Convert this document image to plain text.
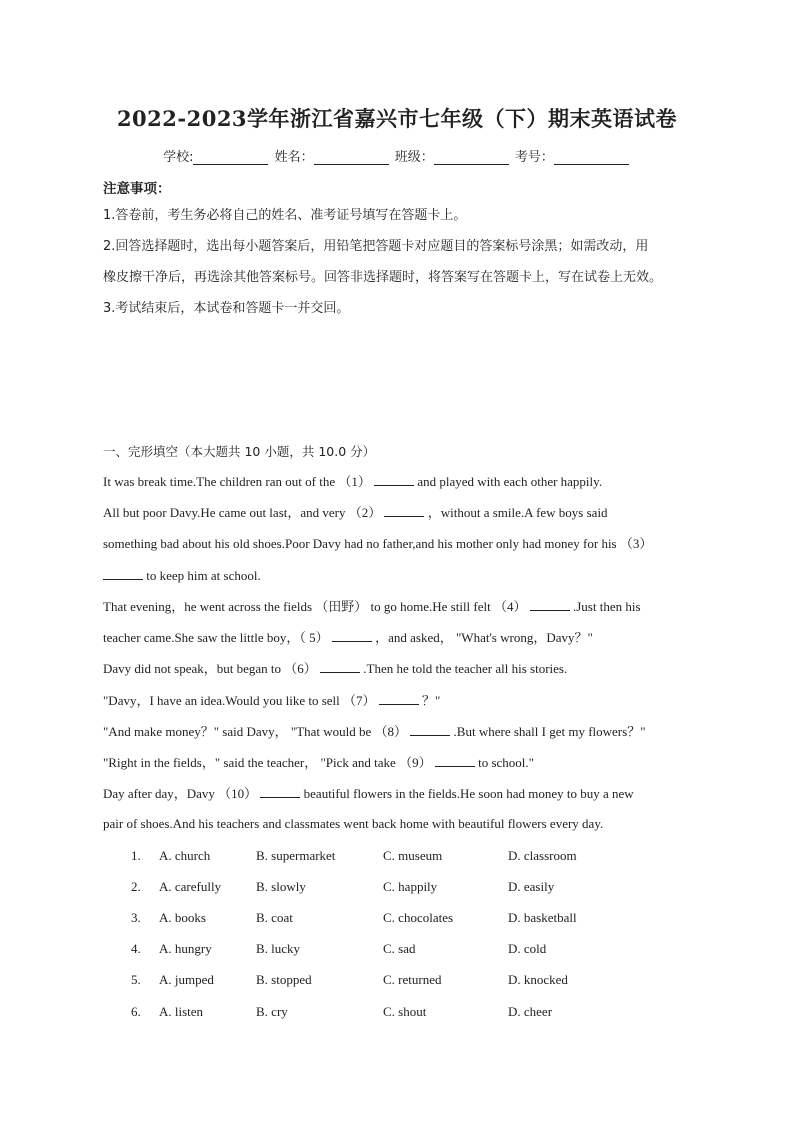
2022-2023学年浙江省嘉兴市七年级（下）期末英语试卷
学校:	姓名：	班级：	考号：
注意事项：
1.答卷前，考生务必将自己的姓名、准考证号填写在答题卡上。
2.回答选择题时，选出每小题答案后，用铅笔把答题卡对应题目的答案标号涂黑；如需改动，用
橡皮擦干净后，再选涂其他答案标号。回答非选择题时，将答案写在答题卡上，写在试卷上无效。
3.考试结束后，本试卷和答题卡一并交回。
一、完形填空（本大题共 10 小题，共 10.0 分）
It was break time.The children ran out of the （1）	and played with each other happily.
All but poor Davy.He came out last，and very （2）	，without a smile.A few boys said
something bad about his old shoes.Poor Davy had no father,and his mother only had money for his （3）
to keep him at school.
That evening，he went across the fields （田野） to go home.He still felt （4）	.Just then his
teacher came.She saw the little boy，（ 5）	，and asked， "What's wrong，Davy？"
Davy did not speak，but began to （6）	.Then he told the teacher all his stories.
"Davy，I have an idea.Would you like to sell （7）	？"
"And make money？" said Davy， "That would be （8）	.But where shall I get my flowers？"
"Right in the fields，" said the teacher， "Pick and take （9）	to school."
Day after day，Davy （10）	beautiful flowers in the fields.He soon had money to buy a new
pair of shoes.And his teachers and classmates went back home with beautiful flowers every day.
1. A. church	B. supermarket	C. museum	D. classroom
2. A. carefully	B. slowly	C. happily	D. easily
3. A. books	B. coat	C. chocolates	D. basketball
4. A. hungry	B. lucky	C. sad	D. cold
5. A. jumped	B. stopped	C. returned	D. knocked
6. A. listen	B. cry	C. shout	D. cheer
